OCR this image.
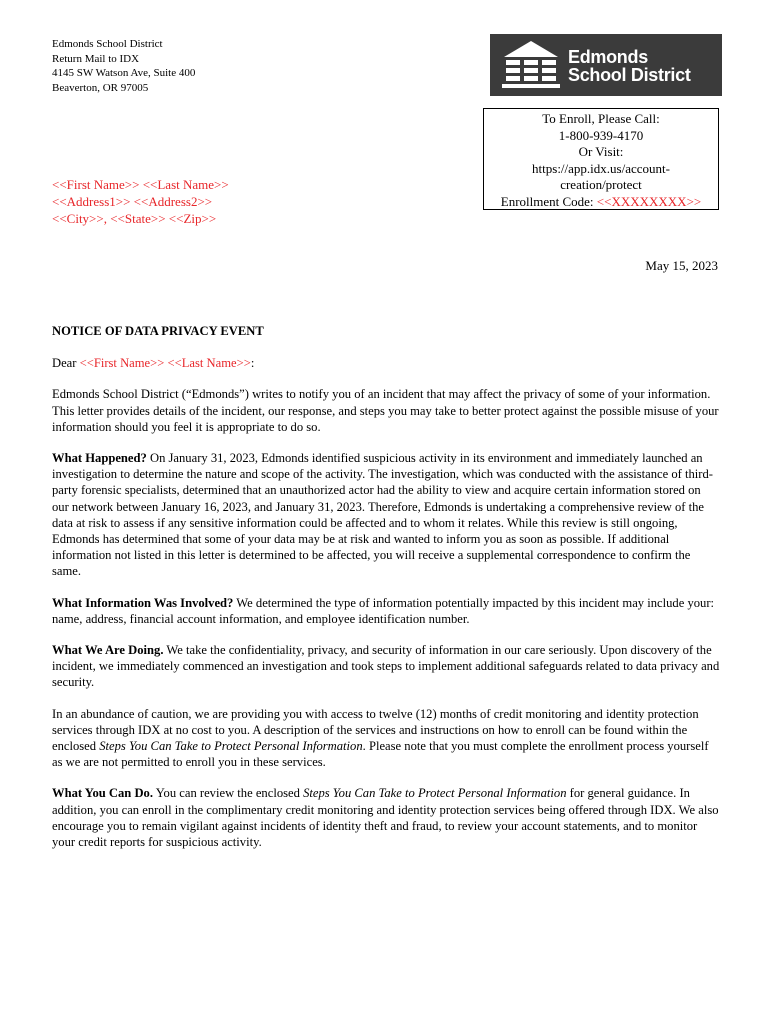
Edmonds School District
Return Mail to IDX
4145 SW Watson Ave, Suite 400
Beaverton, OR 97005
Edmonds
School District
To Enroll, Please Call:
1-800-939-4170
Or Visit:
https://app.idx.us/account-
creation/protect
Enrollment Code: <<XXXXXXXX>>
<<First Name>> <<Last Name>>
<<Address1>> <<Address2>>
<<City>>, <<State>> <<Zip>>
May 15, 2023

NOTICE OF DATA PRIVACY EVENT

Dear <<First Name>> <<Last Name>>:

Edmonds School District (“Edmonds”) writes to notify you of an incident that may affect the privacy of some of your information. This letter provides details of the incident, our response, and steps you may take to better protect against the possible misuse of your information should you feel it is appropriate to do so.

What Happened? On January 31, 2023, Edmonds identified suspicious activity in its environment and immediately launched an investigation to determine the nature and scope of the activity. The investigation, which was conducted with the assistance of third-party forensic specialists, determined that an unauthorized actor had the ability to view and acquire certain information stored on our network between January 16, 2023, and January 31, 2023. Therefore, Edmonds is undertaking a comprehensive review of the data at risk to assess if any sensitive information could be affected and to whom it relates. While this review is still ongoing, Edmonds has determined that some of your data may be at risk and wanted to inform you as soon as possible. If additional information not listed in this letter is determined to be affected, you will receive a supplemental correspondence to confirm the same.

What Information Was Involved? We determined the type of information potentially impacted by this incident may include your: name, address, financial account information, and employee identification number.

What We Are Doing. We take the confidentiality, privacy, and security of information in our care seriously. Upon discovery of the incident, we immediately commenced an investigation and took steps to implement additional safeguards related to data privacy and security.

In an abundance of caution, we are providing you with access to twelve (12) months of credit monitoring and identity protection services through IDX at no cost to you. A description of the services and instructions on how to enroll can be found within the enclosed Steps You Can Take to Protect Personal Information. Please note that you must complete the enrollment process yourself as we are not permitted to enroll you in these services.

What You Can Do. You can review the enclosed Steps You Can Take to Protect Personal Information for general guidance. In addition, you can enroll in the complimentary credit monitoring and identity protection services being offered through IDX. We also encourage you to remain vigilant against incidents of identity theft and fraud, to review your account statements, and to monitor your credit reports for suspicious activity.
